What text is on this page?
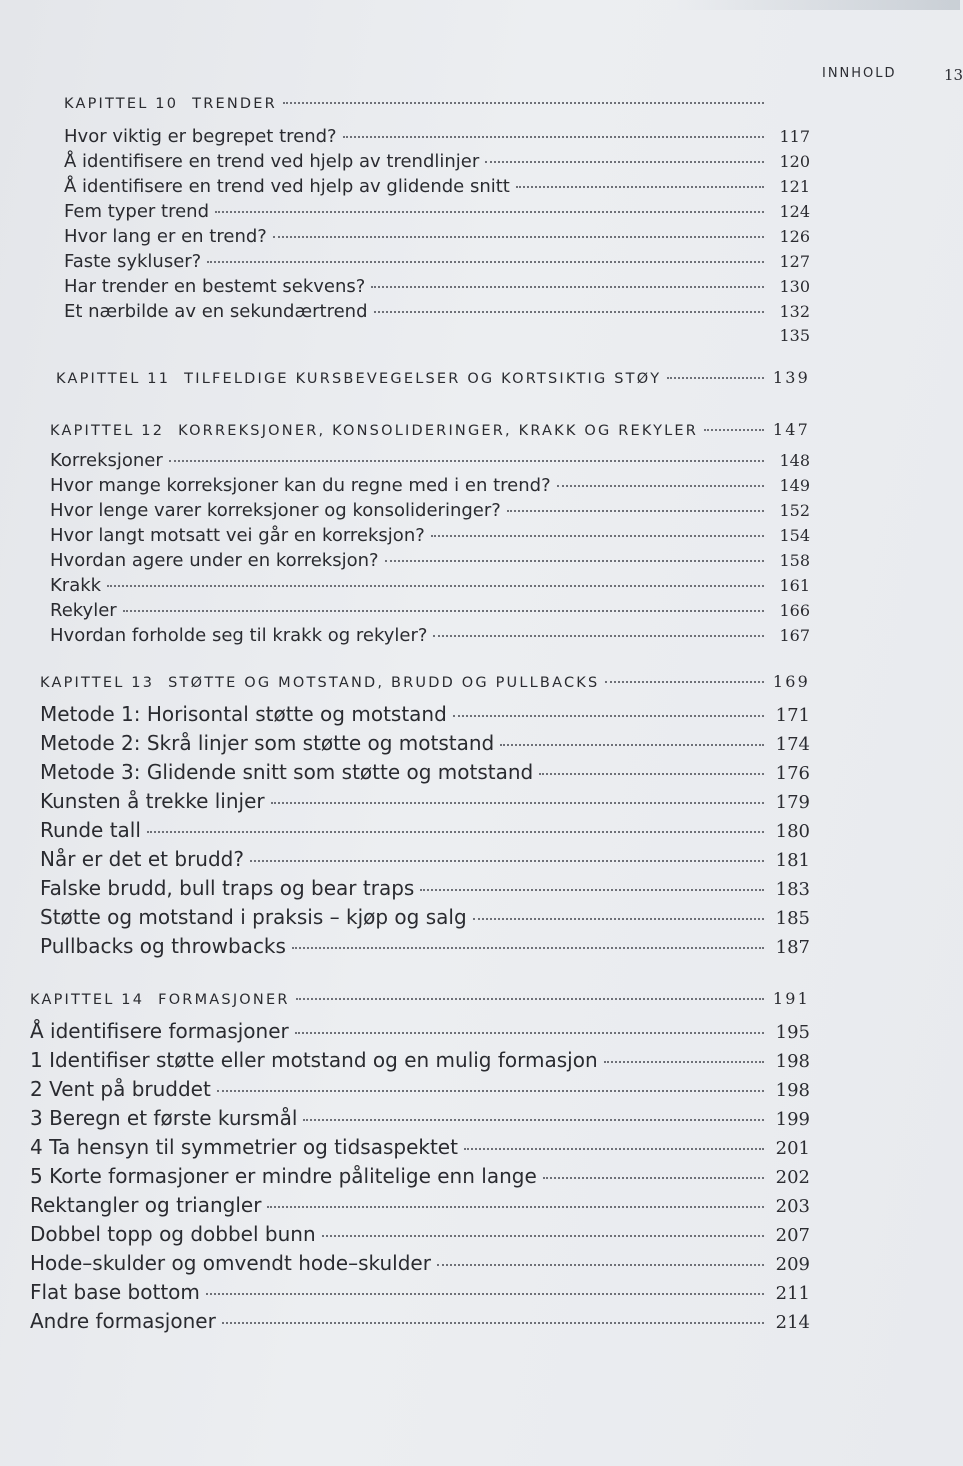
INNHOLD	13
KAPITTEL 10 TRENDER
Hvor viktig er begrepet trend?	117
Å identifisere en trend ved hjelp av trendlinjer	120
Å identifisere en trend ved hjelp av glidende snitt	121
Fem typer trend	124
Hvor lang er en trend?	126
Faste sykluser?	127
Har trender en bestemt sekvens?	130
Et nærbilde av en sekundærtrend	132
135
KAPITTEL 11 TILFELDIGE KURSBEVEGELSER OG KORTSIKTIG STØY	139
KAPITTEL 12 KORREKSJONER, KONSOLIDERINGER, KRAKK OG REKYLER	147
Korreksjoner	148
Hvor mange korreksjoner kan du regne med i en trend?	149
Hvor lenge varer korreksjoner og konsolideringer?	152
Hvor langt motsatt vei går en korreksjon?	154
Hvordan agere under en korreksjon?	158
Krakk	161
Rekyler	166
Hvordan forholde seg til krakk og rekyler?	167
KAPITTEL 13 STØTTE OG MOTSTAND, BRUDD OG PULLBACKS	169
Metode 1: Horisontal støtte og motstand	171
Metode 2: Skrå linjer som støtte og motstand	174
Metode 3: Glidende snitt som støtte og motstand	176
Kunsten å trekke linjer	179
Runde tall	180
Når er det et brudd?	181
Falske brudd, bull traps og bear traps	183
Støtte og motstand i praksis – kjøp og salg	185
Pullbacks og throwbacks	187
KAPITTEL 14 FORMASJONER	191
Å identifisere formasjoner	195
1 Identifiser støtte eller motstand og en mulig formasjon	198
2 Vent på bruddet	198
3 Beregn et første kursmål	199
4 Ta hensyn til symmetrier og tidsaspektet	201
5 Korte formasjoner er mindre pålitelige enn lange	202
Rektangler og triangler	203
Dobbel topp og dobbel bunn	207
Hode–skulder og omvendt hode–skulder	209
Flat base bottom	211
Andre formasjoner	214
